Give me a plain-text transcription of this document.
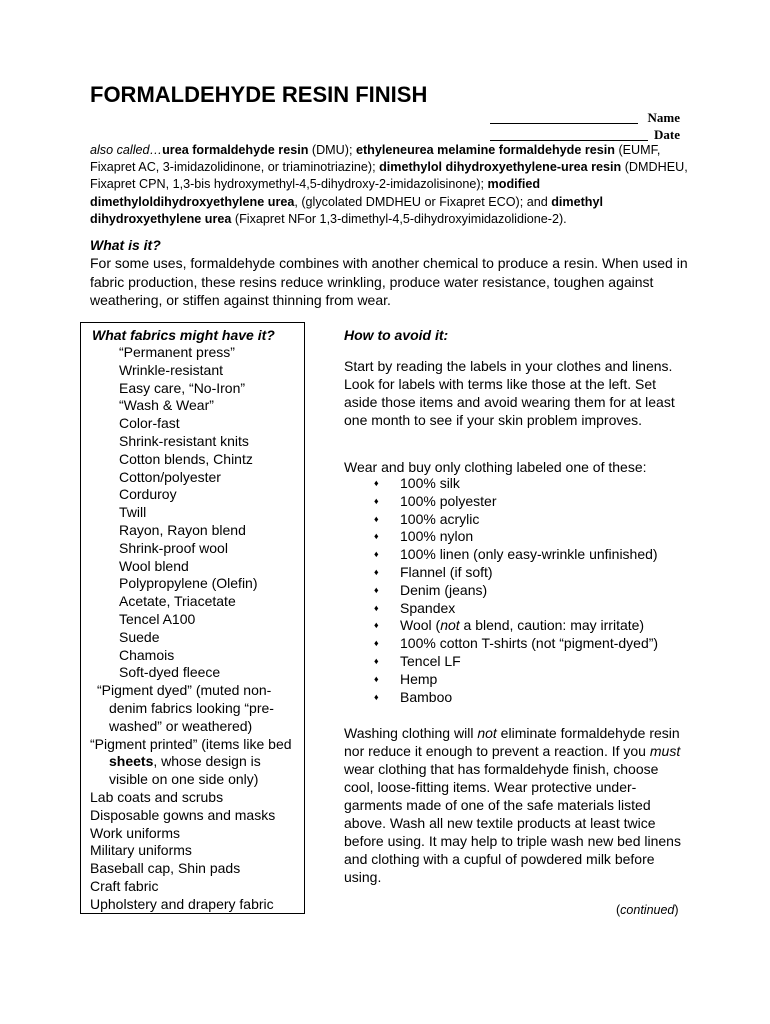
FORMALDEHYDE RESIN FINISH
Name
Date
also called…urea formaldehyde resin (DMU); ethyleneurea melamine formaldehyde resin (EUMF, Fixapret AC, 3-imidazolidinone, or triaminotriazine); dimethylol dihydroxyethylene-urea resin (DMDHEU, Fixapret CPN, 1,3-bis hydroxymethyl-4,5-dihydroxy-2-imidazolisinone); modified dimethyloldihydroxyethylene urea, (glycolated DMDHEU or Fixapret ECO); and dimethyl dihydroxyethylene urea (Fixapret NFor 1,3-dimethyl-4,5-dihydroxyimidazolidione-2).
What is it?
For some uses, formaldehyde combines with another chemical to produce a resin. When used in fabric production, these resins reduce wrinkling, produce water resistance, toughen against weathering, or stiffen against thinning from wear.
What fabrics might have it?
“Permanent press”
Wrinkle-resistant
Easy care, “No-Iron”
“Wash & Wear”
Color-fast
Shrink-resistant knits
Cotton blends, Chintz
Cotton/polyester
Corduroy
Twill
Rayon, Rayon blend
Shrink-proof wool
Wool blend
Polypropylene (Olefin)
Acetate, Triacetate
Tencel A100
Suede
Chamois
Soft-dyed fleece
“Pigment dyed” (muted non-denim fabrics looking “pre-washed” or weathered)
“Pigment printed” (items like bed sheets, whose design is visible on one side only)
Lab coats and scrubs
Disposable gowns and masks
Work uniforms
Military uniforms
Baseball cap, Shin pads
Craft fabric
Upholstery and drapery fabric
How to avoid it:
Start by reading the labels in your clothes and linens. Look for labels with terms like those at the left. Set aside those items and avoid wearing them for at least one month to see if your skin problem improves.
Wear and buy only clothing labeled one of these:
♦ 100% silk
♦ 100% polyester
♦ 100% acrylic
♦ 100% nylon
♦ 100% linen (only easy-wrinkle unfinished)
♦ Flannel (if soft)
♦ Denim (jeans)
♦ Spandex
♦ Wool (not a blend, caution: may irritate)
♦ 100% cotton T-shirts (not “pigment-dyed”)
♦ Tencel LF
♦ Hemp
♦ Bamboo
Washing clothing will not eliminate formaldehyde resin nor reduce it enough to prevent a reaction. If you must wear clothing that has formaldehyde finish, choose cool, loose-fitting items. Wear protective under-garments made of one of the safe materials listed above. Wash all new textile products at least twice before using. It may help to triple wash new bed linens and clothing with a cupful of powdered milk before using.
(continued)
